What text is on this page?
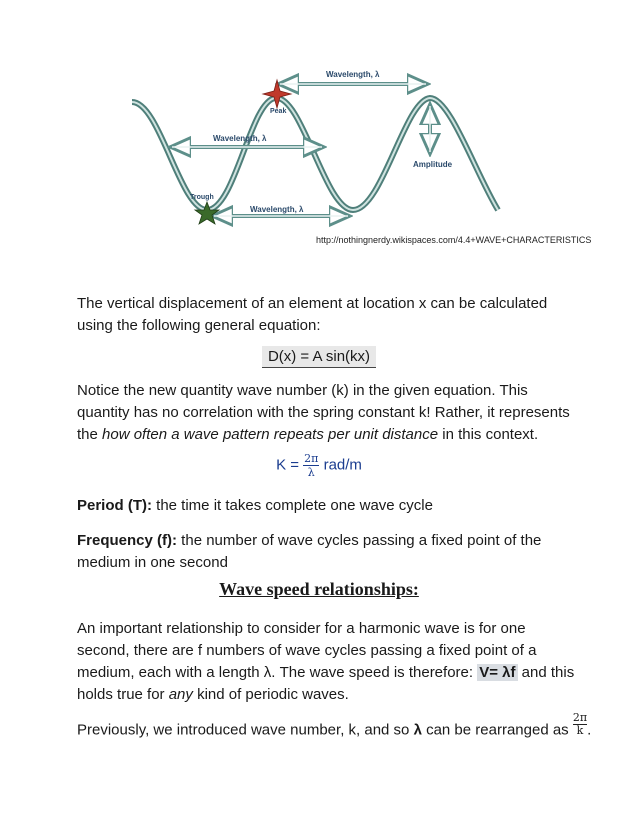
Wavelength, λ
Wavelength, λ
Wavelength, λ
Amplitude
Peak
Trough
http://nothingnerdy.wikispaces.com/4.4+WAVE+CHARACTERISTICS

The vertical displacement of an element at location x can be calculated using the following general equation:

D(x) = A sin(kx)

Notice the new quantity wave number (k) in the given equation. This quantity has no correlation with the spring constant k! Rather, it represents the how often a wave pattern repeats per unit distance in this context.

$K = \frac{2\pi}{\lambda} rad/m$

Period (T): the time it takes complete one wave cycle

Frequency (f): the number of wave cycles passing a fixed point of the medium in one second

Wave speed relationships:

An important relationship to consider for a harmonic wave is for one second, there are f numbers of wave cycles passing a fixed point of a medium, each with a length λ. The wave speed is therefore: V= λf and this holds true for any kind of periodic waves.

Previously, we introduced wave number, k, and so λ can be rearranged as $\frac{2\pi}{k}$ .
